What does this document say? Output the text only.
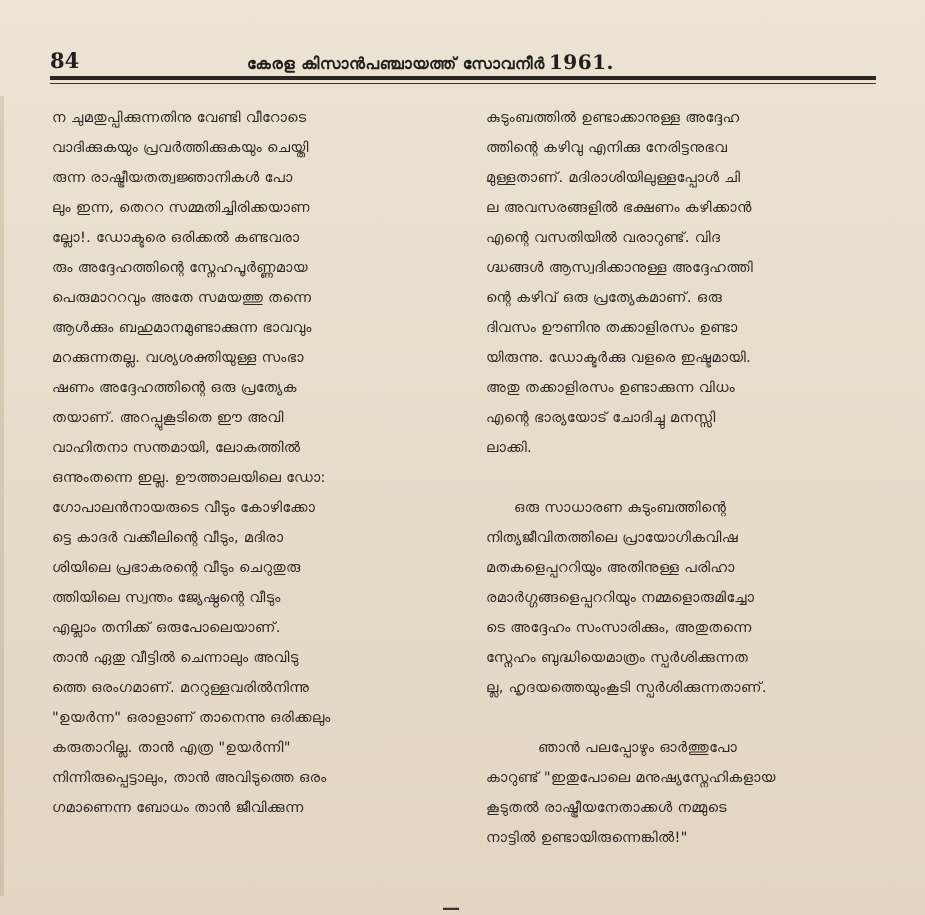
84	കേരള കിസാൻപഞ്ചായത്ത് സോവനീർ 1961.
ന ചുമതുപ്പിക്കുന്നതിനു വേണ്ടി വീറോടെ
വാദിക്കുകയും പ്രവർത്തിക്കുകയും ചെയ്തി
രുന്ന രാഷ്ട്രീയതത്വജ്ഞാനികൾ പോ
ലും ഇന്ന, തെററ സമ്മതിച്ചിരിക്കയാണ
ല്ലോ!. ഡോക്ടരെ ഒരിക്കൽ കണ്ടവരാ
രും അദ്ദേഹത്തിന്റെ സ്നേഹപൂർണ്ണമായ
പെരുമാററവും അതേ സമയത്തു തന്നെ
ആൾക്കും ബഹുമാനമുണ്ടാക്കുന്ന ഭാവവും
മറക്കുന്നതല്ല. വശ്യശക്തിയുള്ള സംഭാ
ഷണം അദ്ദേഹത്തിന്റെ ഒരു പ്രത്യേക
തയാണ്. അറപ്പുകൂടിതെ ഈ അവി
വാഹിതനാ സന്തമായി, ലോകത്തിൽ
ഒന്നുംതന്നെ ഇല്ല. ഊത്താലയിലെ ഡോ:
ഗോപാലൻനായരുടെ വീടും കോഴിക്കോ
ട്ടെ കാദർ വക്കീലിന്റെ വീടും, മദിരാ
ശിയിലെ പ്രഭാകരന്റെ വീടും ചെറുതുരു
ത്തിയിലെ സ്വന്തം ജ്യേഷ്ഠന്റെ വീടും
എല്ലാം തനിക്ക് ഒരുപോലെയാണ്.
താൻ ഏതു വീട്ടിൽ ചെന്നാലും അവിടു
ത്തെ ഒരംഗമാണ്. മററുള്ളവരിൽനിന്നു
"ഉയർന്ന" ഒരാളാണ് താനെന്നു ഒരിക്കലും
കരുതാറില്ല. താൻ എത്ര "ഉയർന്നി"
നിന്നിരുപ്പെട്ടാലും, താൻ അവിടുത്തെ ഒരം
ഗമാണെന്ന ബോധം താൻ ജീവിക്കുന്ന
കുടുംബത്തിൽ ഉണ്ടാക്കാനുള്ള അദ്ദേഹ
ത്തിന്റെ കഴിവു എനിക്കു നേരിട്ടനുഭവ
മുള്ളതാണ്. മദിരാശിയിലുള്ളപ്പോൾ ചി
ല അവസരങ്ങളിൽ ഭക്ഷണം കഴിക്കാൻ
എന്റെ വസതിയിൽ വരാറുണ്ട്. വിദ
ഗ്ദ്ധങ്ങൾ ആസ്വദിക്കാനുള്ള അദ്ദേഹത്തി
ന്റെ കഴിവ് ഒരു പ്രത്യേകമാണ്. ഒരു
ദിവസം ഊണിനു തക്കാളിരസം ഉണ്ടാ
യിരുന്നു. ഡോക്ടർക്കു വളരെ ഇഷ്ടമായി.
അതു തക്കാളിരസം ഉണ്ടാക്കുന്ന വിധം
എന്റെ ഭാര്യയോട് ചോദിച്ചു മനസ്സി
ലാക്കി.
ഒരു സാധാരണ കുടുംബത്തിന്റെ
നിത്യജീവിതത്തിലെ പ്രായോഗികവിഷ
മതകളെപ്പററിയും അതിനുള്ള പരിഹാ
രമാർഗ്ഗങ്ങളെപ്പററിയും നമ്മളൊരുമിച്ചോ
ടെ അദ്ദേഹം സംസാരിക്കും, അതുതന്നെ
സ്നേഹം ബുദ്ധിയെമാത്രം സ്പർശിക്കുന്നത
ല്ല, ഹൃദയത്തെയുംകൂടി സ്പർശിക്കുന്നതാണ്.
ഞാൻ പലപ്പോഴും ഓർത്തുപോ
കാറുണ്ട് "ഇതുപോലെ മനുഷ്യസ്നേഹികളായ
കൂടുതൽ രാഷ്ട്രീയനേതാക്കൾ നമ്മുടെ
നാട്ടിൽ ഉണ്ടായിരുന്നെങ്കിൽ!"
—
